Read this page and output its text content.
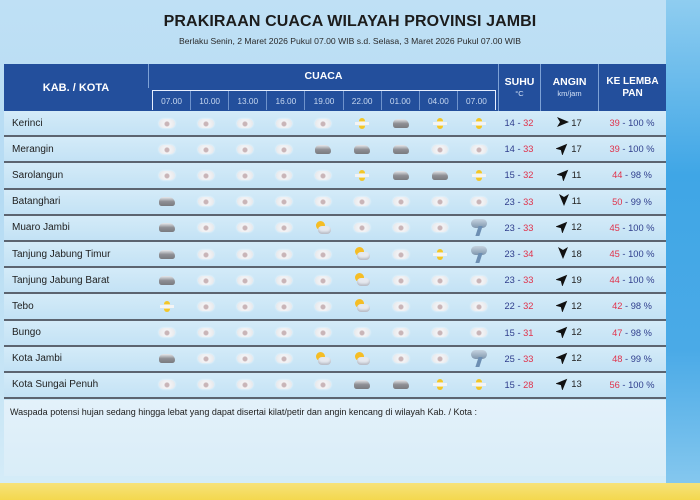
PRAKIRAAN CUACA WILAYAH PROVINSI JAMBI
Berlaku Senin, 2 Maret 2026 Pukul 07.00 WIB s.d. Selasa, 3 Maret 2026 Pukul 07.00 WIB
KAB. / KOTA
CUACA
07.00	10.00	13.00	16.00	19.00	22.00	01.00	04.00	07.00
SUHU
°C
ANGIN
km/jam
KE LEMBA
PAN
Kerinci	14 - 32	17	39 - 100 %
Merangin	14 - 33	17	39 - 100 %
Sarolangun	15 - 32	11	44 - 98 %
Batanghari	23 - 33	11	50 - 99 %
Muaro Jambi	23 - 33	12	45 - 100 %
Tanjung Jabung Timur	23 - 34	18	45 - 100 %
Tanjung Jabung Barat	23 - 33	19	44 - 100 %
Tebo	22 - 32	12	42 - 98 %
Bungo	15 - 31	12	47 - 98 %
Kota Jambi	25 - 33	12	48 - 99 %
Kota Sungai Penuh	15 - 28	13	56 - 100 %
Waspada potensi hujan sedang hingga lebat yang dapat disertai kilat/petir dan angin kencang di wilayah Kab. / Kota :
